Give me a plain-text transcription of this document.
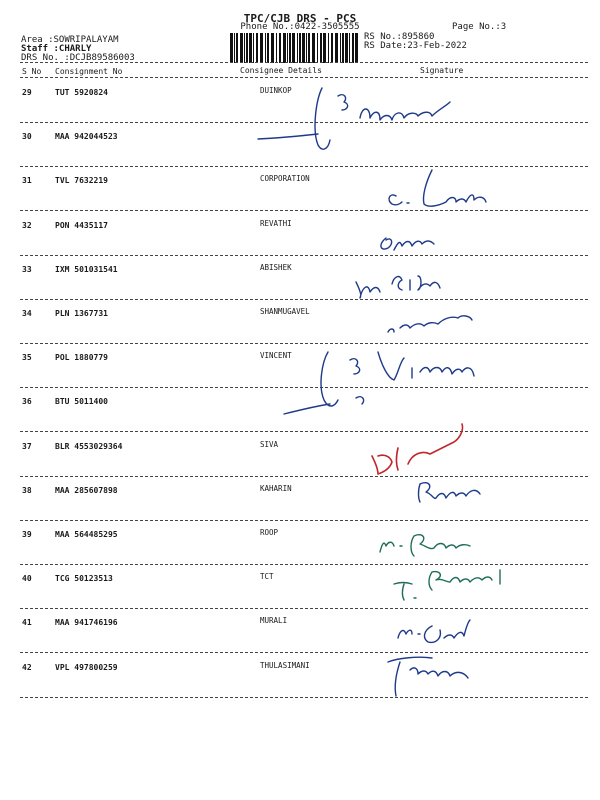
TPC/CJB DRS - PCS
Phone No.:0422-3505555	Page No.:3
Area :SOWRIPALAYAM
Staff :CHARLY
DRS No. :DCJB89586003
RS No.:895860
RS Date:23-Feb-2022
S No Consignment No	Consignee Details	Signature
29	TUT 5920824	DUINKOP
30	MAA 942044523
31	TVL 7632219	CORPORATION
32	PON 4435117	REVATHI
33	IXM 501031541	ABISHEK
34	PLN 1367731	SHANMUGAVEL
35	POL 1880779	VINCENT
36	BTU 5011400
37	BLR 4553029364	SIVA
38	MAA 285607898	KAHARIN
39	MAA 564485295	ROOP
40	TCG 50123513	TCT
41	MAA 941746196	MURALI
42	VPL 497800259	THULASIMANI
